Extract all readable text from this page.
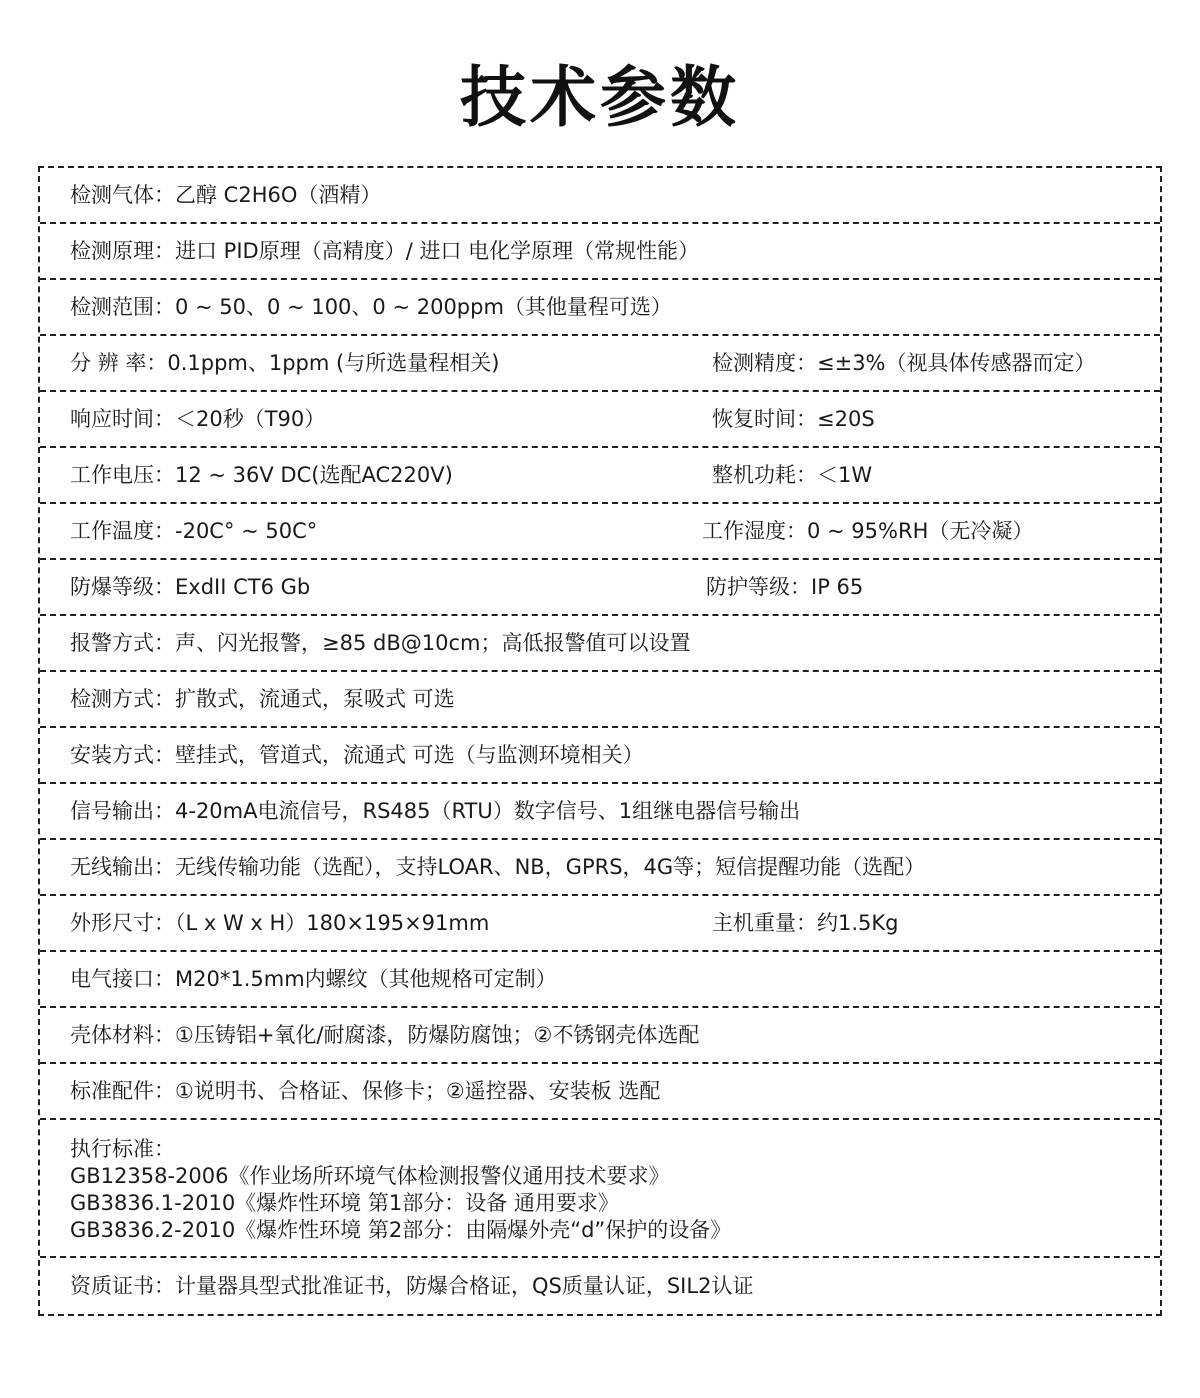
技术参数
检测气体：乙醇 C2H6O（酒精）
检测原理：进口 PID原理（高精度）/ 进口 电化学原理（常规性能）
检测范围：0 ~ 50、0 ~ 100、0 ~ 200ppm（其他量程可选）
分 辨 率：0.1ppm、1ppm (与所选量程相关)	检测精度：≤±3%（视具体传感器而定）
响应时间：＜20秒（T90）	恢复时间：≤20S
工作电压：12 ~ 36V DC(选配AC220V)	整机功耗：＜1W
工作温度：-20C° ~ 50C°	工作湿度：0 ~ 95%RH（无冷凝）
防爆等级：ExdII CT6 Gb	防护等级：IP 65
报警方式：声、闪光报警，≥85 dB@10cm；高低报警值可以设置
检测方式：扩散式，流通式，泵吸式 可选
安装方式：壁挂式，管道式，流通式 可选（与监测环境相关）
信号输出：4-20mA电流信号，RS485（RTU）数字信号、1组继电器信号输出
无线输出：无线传输功能（选配），支持LOAR、NB，GPRS，4G等；短信提醒功能（选配）
外形尺寸：（L x W x H）180×195×91mm	主机重量：约1.5Kg
电气接口：M20*1.5mm内螺纹（其他规格可定制）
壳体材料：①压铸铝+氧化/耐腐漆，防爆防腐蚀；②不锈钢壳体选配
标准配件：①说明书、合格证、保修卡；②遥控器、安装板 选配
执行标准：
GB12358-2006《作业场所环境气体检测报警仪通用技术要求》
GB3836.1-2010《爆炸性环境 第1部分：设备 通用要求》
GB3836.2-2010《爆炸性环境 第2部分：由隔爆外壳“d”保护的设备》
资质证书：计量器具型式批准证书，防爆合格证，QS质量认证，SIL2认证
